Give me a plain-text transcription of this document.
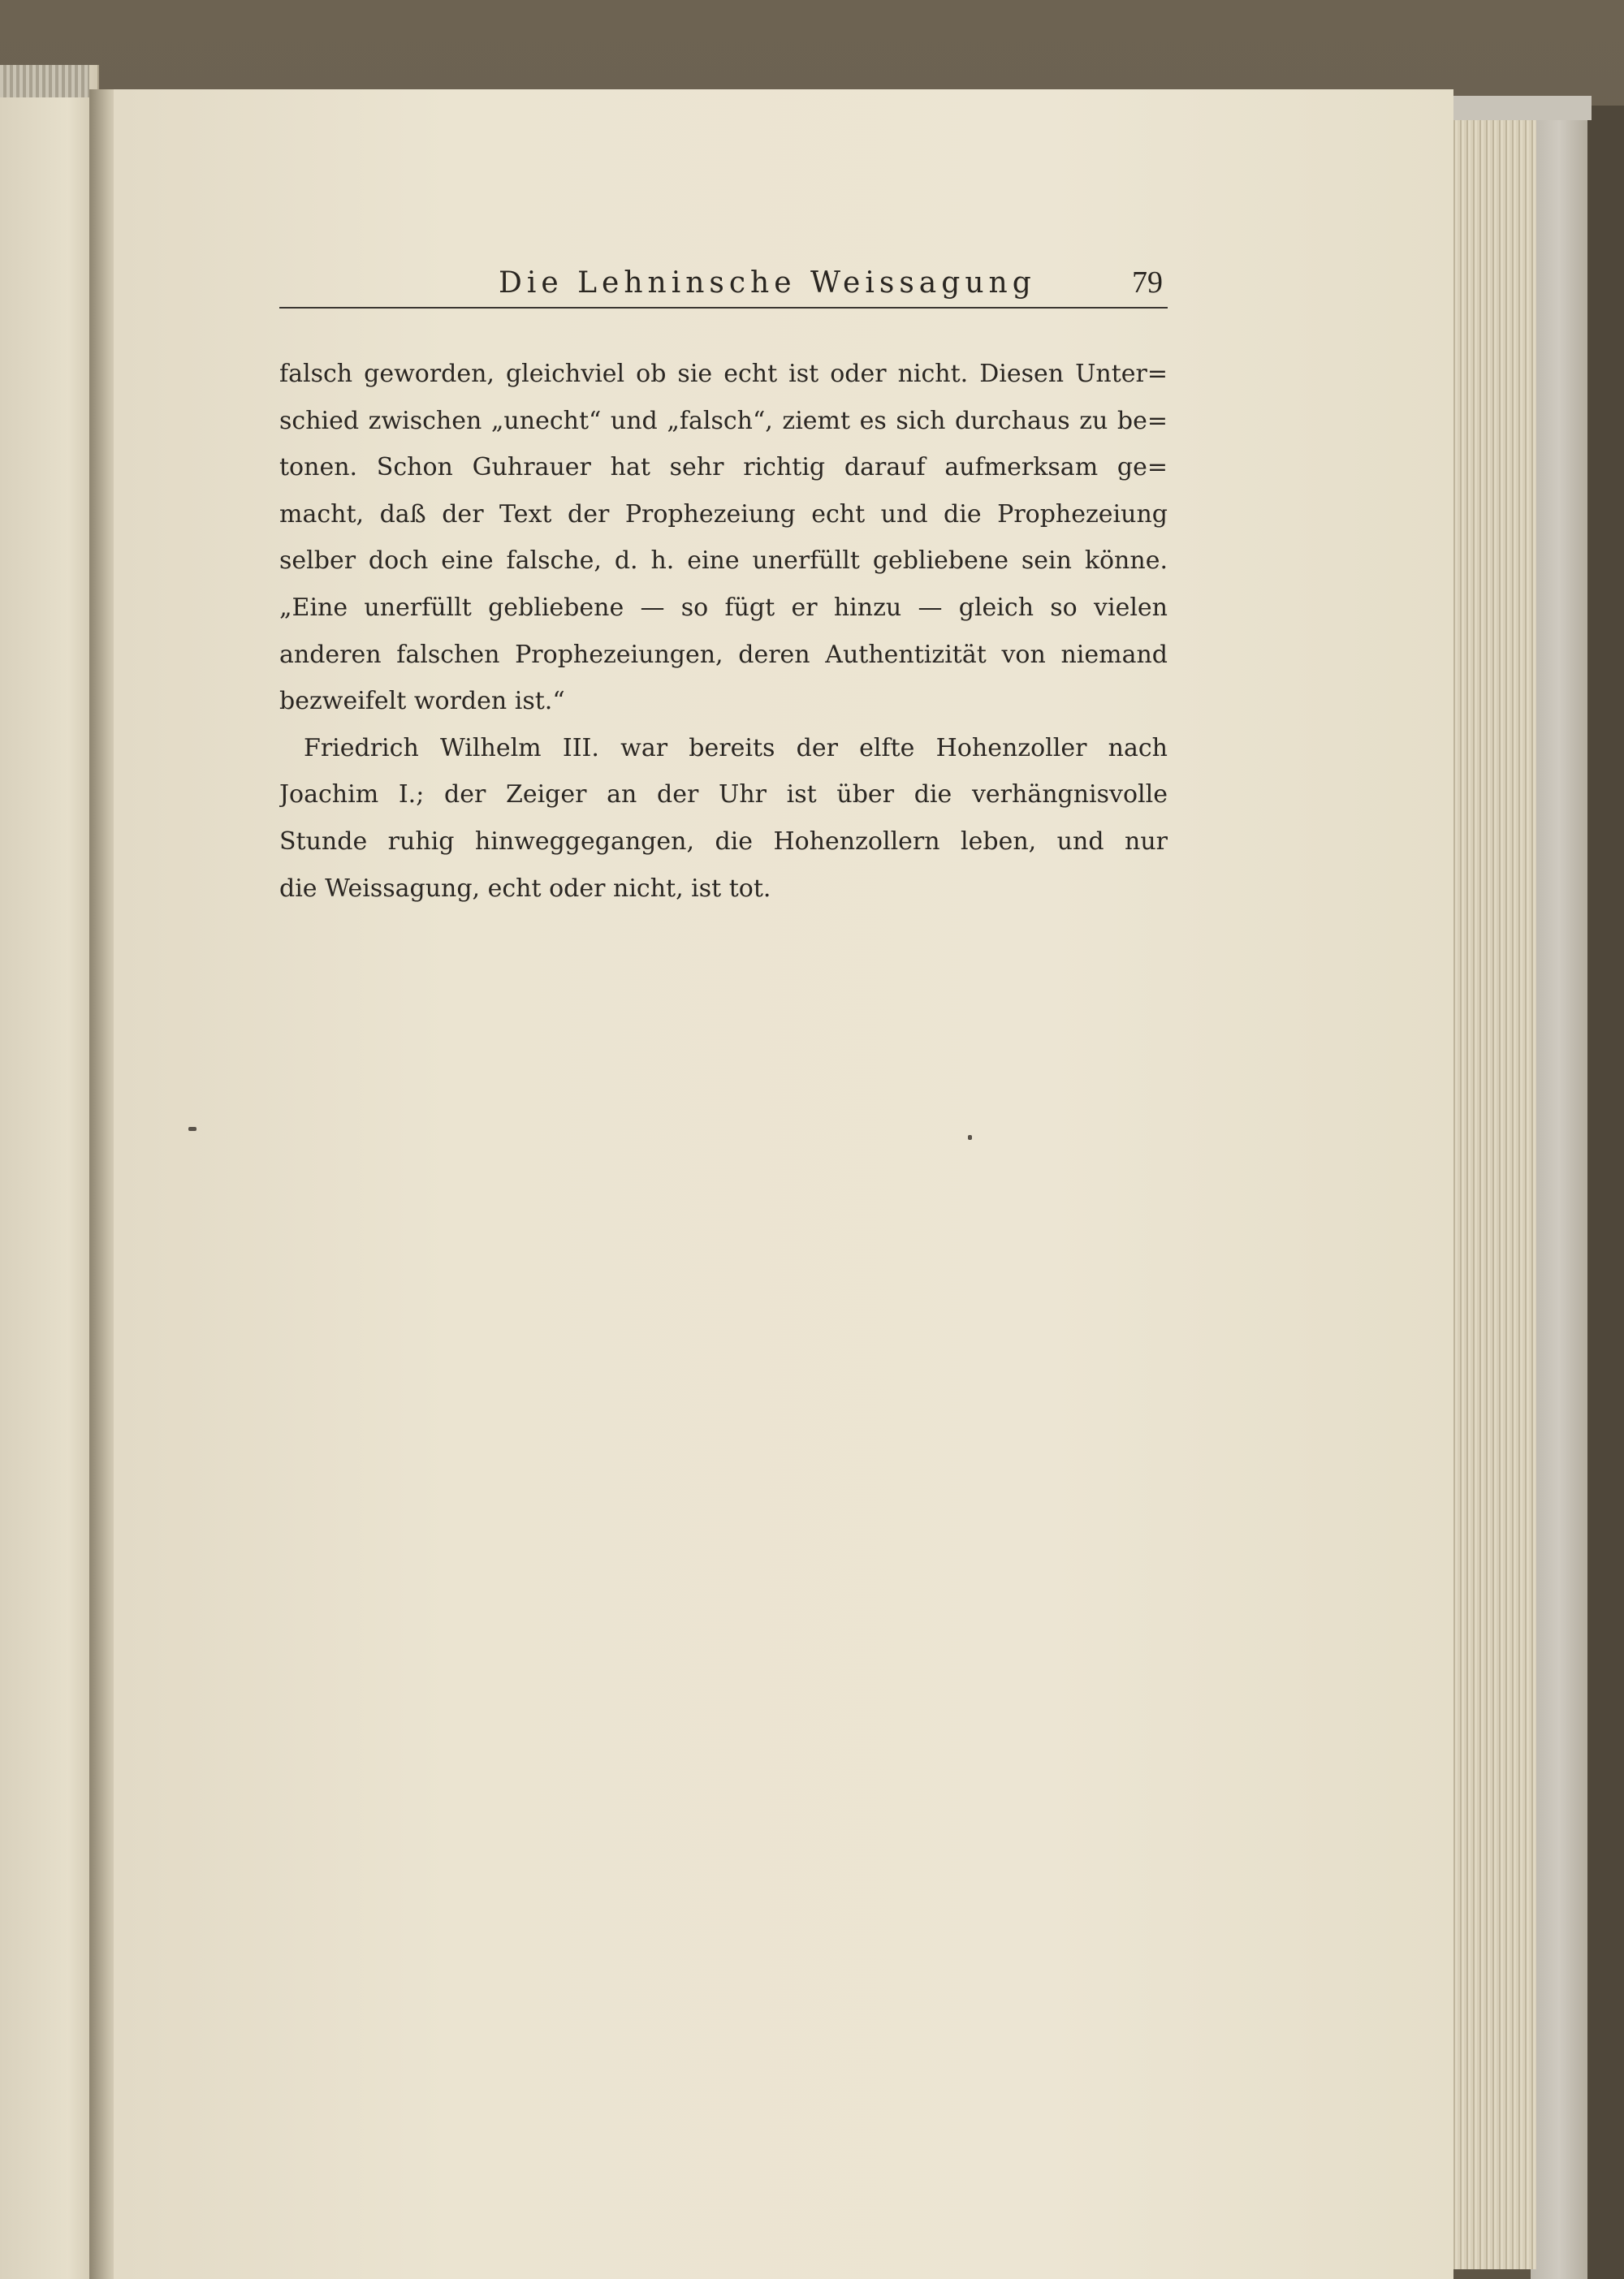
Die Lehninsche Weissagung	79
falsch geworden, gleichviel ob sie echt ist oder nicht. Diesen Unter=
schied zwischen „unecht“ und „falsch“, ziemt es sich durchaus zu be=
tonen. Schon Guhrauer hat sehr richtig darauf aufmerksam ge=
macht, daß der Text der Prophezeiung echt und die Prophezeiung
selber doch eine falsche, d. h. eine unerfüllt gebliebene sein könne.
„Eine unerfüllt gebliebene — so fügt er hinzu — gleich so vielen
anderen falschen Prophezeiungen, deren Authentizität von niemand
bezweifelt worden ist.“
Friedrich Wilhelm III. war bereits der elfte Hohenzoller nach
Joachim I.; der Zeiger an der Uhr ist über die verhängnisvolle
Stunde ruhig hinweggegangen, die Hohenzollern leben, und nur
die Weissagung, echt oder nicht, ist tot.
